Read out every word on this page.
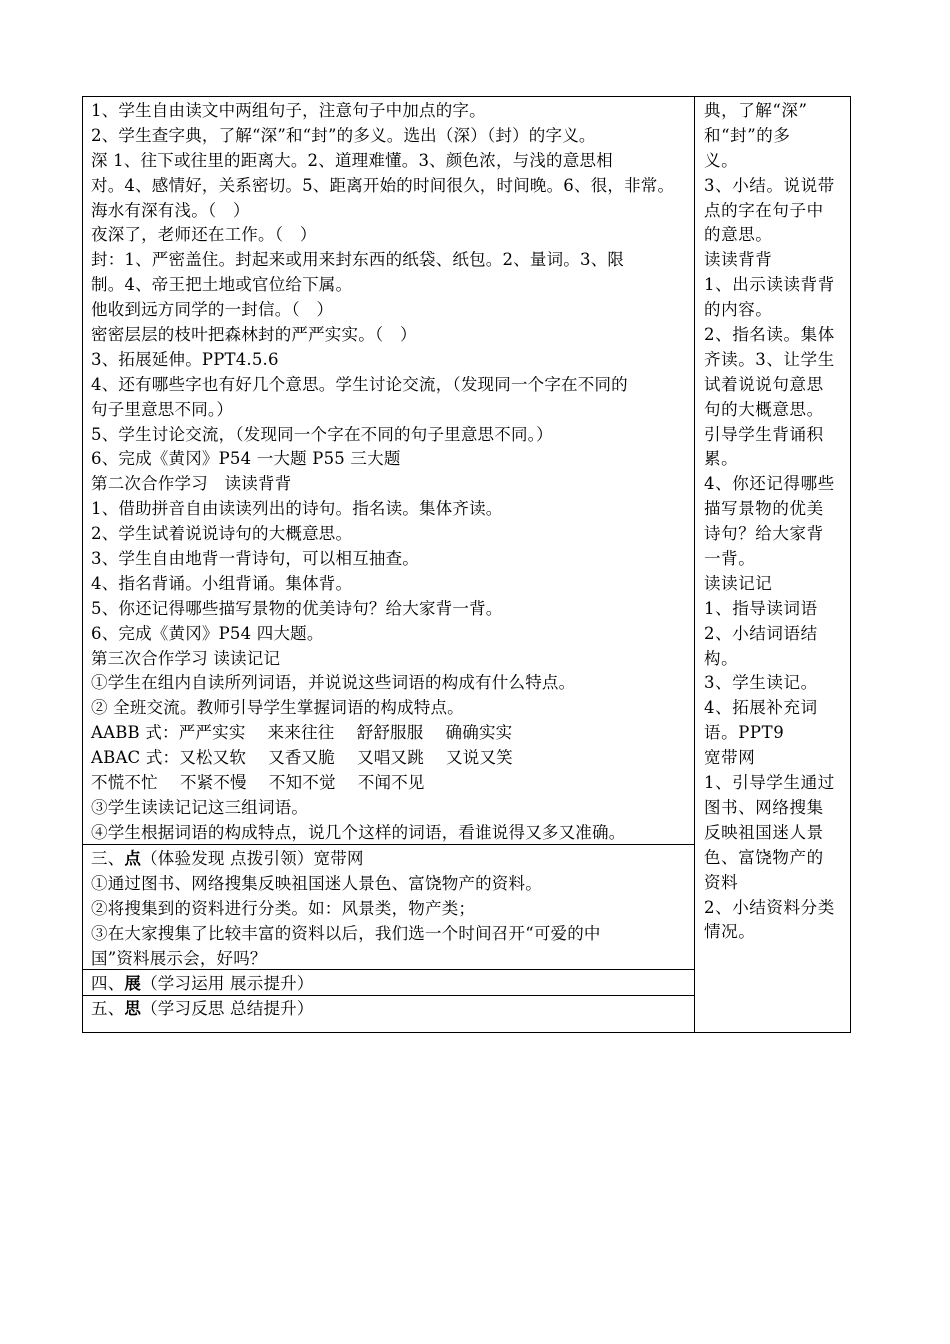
1、学生自由读文中两组句子，注意句子中加点的字。
2、学生查字典，了解“深”和“封”的多义。选出（深）（封）的字义。
深 1、往下或往里的距离大。2、道理难懂。3、颜色浓，与浅的意思相
对。4、感情好，关系密切。5、距离开始的时间很久，时间晚。6、很，非常。
海水有深有浅。（　）
夜深了，老师还在工作。（　）
封：1、严密盖住。封起来或用来封东西的纸袋、纸包。2、量词。3、限
制。4、帝王把土地或官位给下属。
他收到远方同学的一封信。（　）
密密层层的枝叶把森林封的严严实实。（　）
3、拓展延伸。PPT4.5.6
4、还有哪些字也有好几个意思。学生讨论交流，（发现同一个字在不同的
句子里意思不同。）
5、学生讨论交流，（发现同一个字在不同的句子里意思不同。）
6、完成《黄冈》P54 一大题 P55 三大题
第二次合作学习　读读背背
1、借助拼音自由读读列出的诗句。指名读。集体齐读。
2、学生试着说说诗句的大概意思。
3、学生自由地背一背诗句，可以相互抽查。
4、指名背诵。小组背诵。集体背。
5、你还记得哪些描写景物的优美诗句？给大家背一背。
6、完成《黄冈》P54 四大题。
第三次合作学习 读读记记
①学生在组内自读所列词语，并说说这些词语的构成有什么特点。
② 全班交流。教师引导学生掌握词语的构成特点。
AABB 式：严严实实　 来来往往　 舒舒服服　 确确实实
ABAC 式：又松又软　 又香又脆　 又唱又跳　 又说又笑
不慌不忙　 不紧不慢　 不知不觉　 不闻不见
③学生读读记记这三组词语。
④学生根据词语的构成特点，说几个这样的词语，看谁说得又多又准确。
三、点（体验发现 点拨引领）宽带网
①通过图书、网络搜集反映祖国迷人景色、富饶物产的资料。
②将搜集到的资料进行分类。如：风景类，物产类；
③在大家搜集了比较丰富的资料以后，我们选一个时间召开“可爱的中
国”资料展示会，好吗？
四、展（学习运用 展示提升）
五、思（学习反思 总结提升）
典，了解“深”
和“封”的多
义。
3、小结。说说带
点的字在句子中
的意思。
读读背背
1、出示读读背背
的内容。
2、指名读。集体
齐读。3、让学生
试着说说句意思
句的大概意思。
引导学生背诵积
累。
4、你还记得哪些
描写景物的优美
诗句？给大家背
一背。
读读记记
1、指导读词语
2、小结词语结
构。
3、学生读记。
4、拓展补充词
语。PPT9
宽带网
1、引导学生通过
图书、网络搜集
反映祖国迷人景
色、富饶物产的
资料
2、小结资料分类
情况。
